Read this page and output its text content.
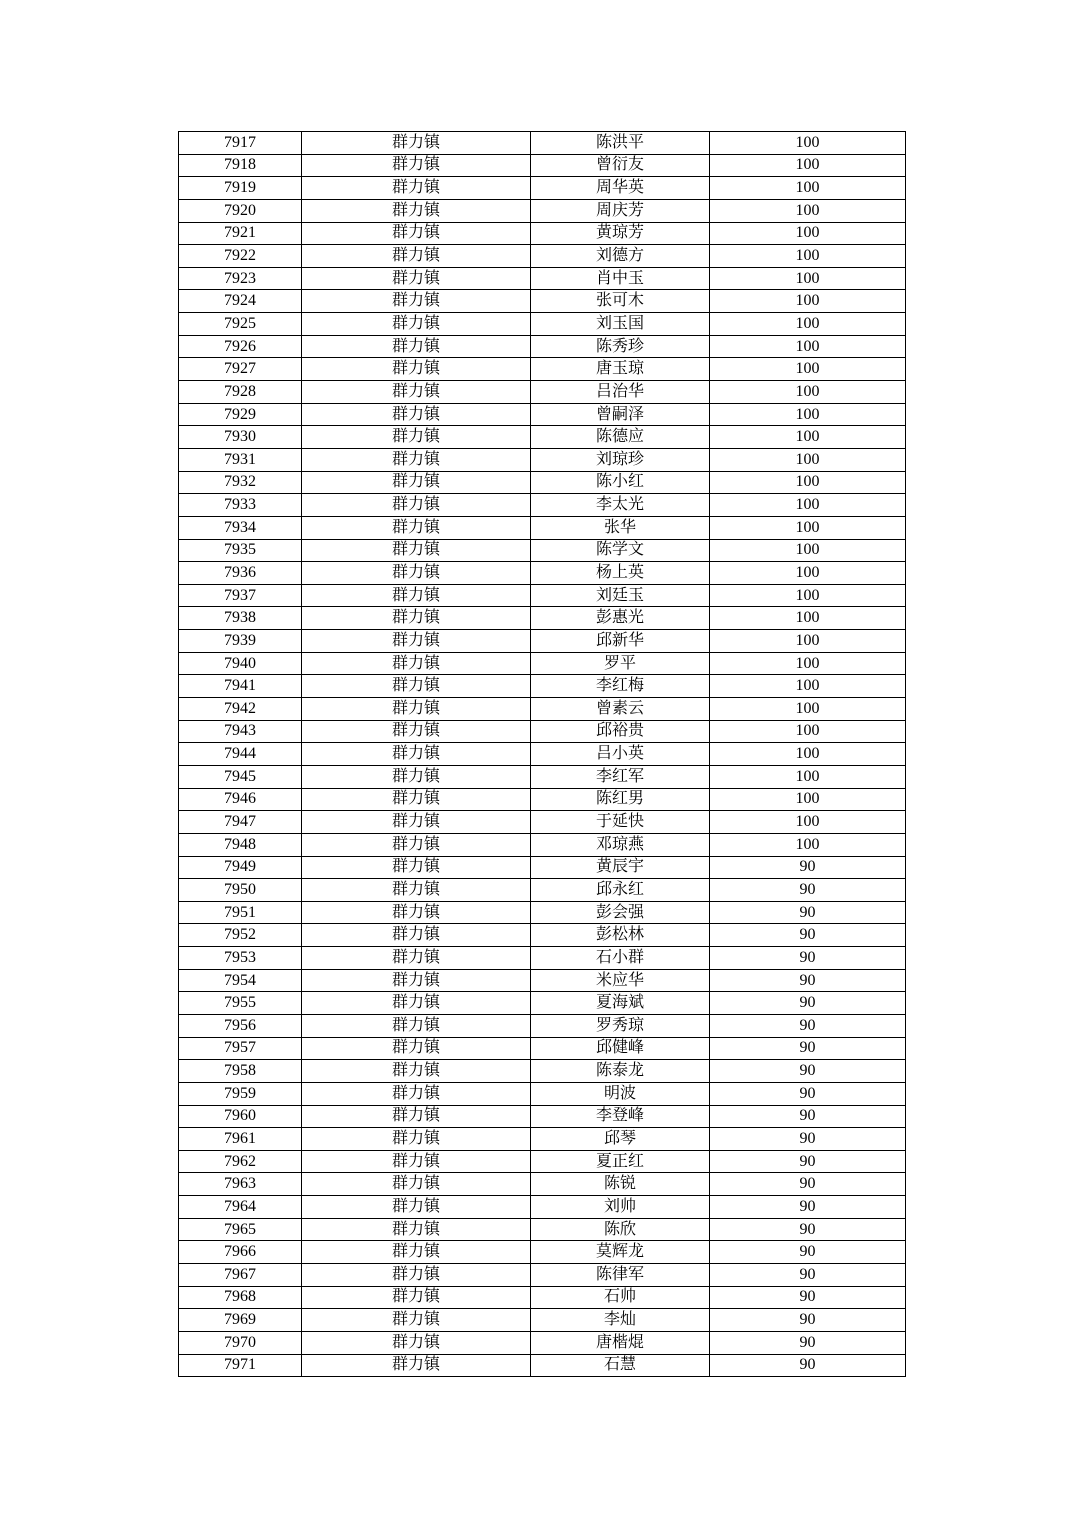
7917	群力镇	陈洪平	100
7918	群力镇	曾衍友	100
7919	群力镇	周华英	100
7920	群力镇	周庆芳	100
7921	群力镇	黄琼芳	100
7922	群力镇	刘德方	100
7923	群力镇	肖中玉	100
7924	群力镇	张可木	100
7925	群力镇	刘玉国	100
7926	群力镇	陈秀珍	100
7927	群力镇	唐玉琼	100
7928	群力镇	吕治华	100
7929	群力镇	曾嗣泽	100
7930	群力镇	陈德应	100
7931	群力镇	刘琼珍	100
7932	群力镇	陈小红	100
7933	群力镇	李太光	100
7934	群力镇	张华	100
7935	群力镇	陈学文	100
7936	群力镇	杨上英	100
7937	群力镇	刘廷玉	100
7938	群力镇	彭惠光	100
7939	群力镇	邱新华	100
7940	群力镇	罗平	100
7941	群力镇	李红梅	100
7942	群力镇	曾素云	100
7943	群力镇	邱裕贵	100
7944	群力镇	吕小英	100
7945	群力镇	李红军	100
7946	群力镇	陈红男	100
7947	群力镇	于延快	100
7948	群力镇	邓琼燕	100
7949	群力镇	黄辰宇	90
7950	群力镇	邱永红	90
7951	群力镇	彭会强	90
7952	群力镇	彭松林	90
7953	群力镇	石小群	90
7954	群力镇	米应华	90
7955	群力镇	夏海斌	90
7956	群力镇	罗秀琼	90
7957	群力镇	邱健峰	90
7958	群力镇	陈泰龙	90
7959	群力镇	明波	90
7960	群力镇	李登峰	90
7961	群力镇	邱琴	90
7962	群力镇	夏正红	90
7963	群力镇	陈锐	90
7964	群力镇	刘帅	90
7965	群力镇	陈欣	90
7966	群力镇	莫辉龙	90
7967	群力镇	陈律军	90
7968	群力镇	石帅	90
7969	群力镇	李灿	90
7970	群力镇	唐楷焜	90
7971	群力镇	石慧	90
